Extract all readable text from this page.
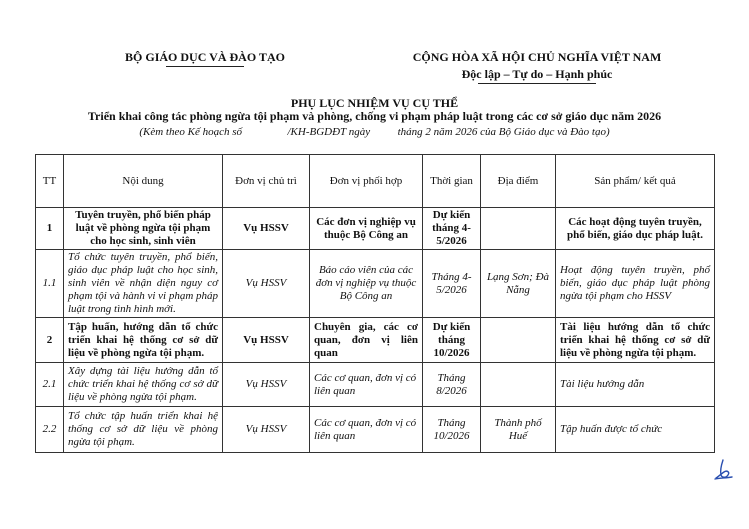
BỘ GIÁO DỤC VÀ ĐÀO TẠO	CỘNG HÒA XÃ HỘI CHỦ NGHĨA VIỆT NAM
Độc lập – Tự do – Hạnh phúc
PHỤ LỤC NHIỆM VỤ CỤ THỂ
Triển khai công tác phòng ngừa tội phạm và phòng, chống vi phạm pháp luật trong các cơ sở giáo dục năm 2026
(Kèm theo Kế hoạch số	/KH-BGDĐT ngày	tháng 2 năm 2026 của Bộ Giáo dục và Đào tạo)
TT	Nội dung	Đơn vị chủ trì	Đơn vị phối hợp	Thời gian	Địa điểm	Sản phẩm/ kết quả
1	Tuyên truyền, phổ biến pháp luật về phòng ngừa tội phạm cho học sinh, sinh viên	Vụ HSSV	Các đơn vị nghiệp vụ thuộc Bộ Công an	Dự kiến tháng 4-5/2026		Các hoạt động tuyên truyền, phổ biến, giáo dục pháp luật.
1.1	Tổ chức tuyên truyền, phổ biến, giáo dục pháp luật cho học sinh, sinh viên về nhận diện nguy cơ phạm tội và hành vi vi phạm pháp luật trong tình hình mới.	Vụ HSSV	Báo cáo viên của các đơn vị nghiệp vụ thuộc Bộ Công an	Tháng 4-5/2026	Lạng Sơn; Đà Nẵng	Hoạt động tuyên truyền, phổ biến, giáo dục pháp luật phòng ngừa tội phạm cho HSSV
2	Tập huấn, hướng dẫn tổ chức triển khai hệ thống cơ sở dữ liệu về phòng ngừa tội phạm.	Vụ HSSV	Chuyên gia, các cơ quan, đơn vị liên quan	Dự kiến tháng 10/2026		Tài liệu hướng dẫn tổ chức triển khai hệ thống cơ sở dữ liệu về phòng ngừa tội phạm.
2.1	Xây dựng tài liệu hướng dẫn tổ chức triển khai hệ thống cơ sở dữ liệu về phòng ngừa tội phạm.	Vụ HSSV	Các cơ quan, đơn vị có liên quan	Tháng 8/2026		Tài liệu hướng dẫn
2.2	Tổ chức tập huấn triển khai hệ thống cơ sở dữ liệu về phòng ngừa tội phạm.	Vụ HSSV	Các cơ quan, đơn vị có liên quan	Tháng 10/2026	Thành phố Huế	Tập huấn được tổ chức
